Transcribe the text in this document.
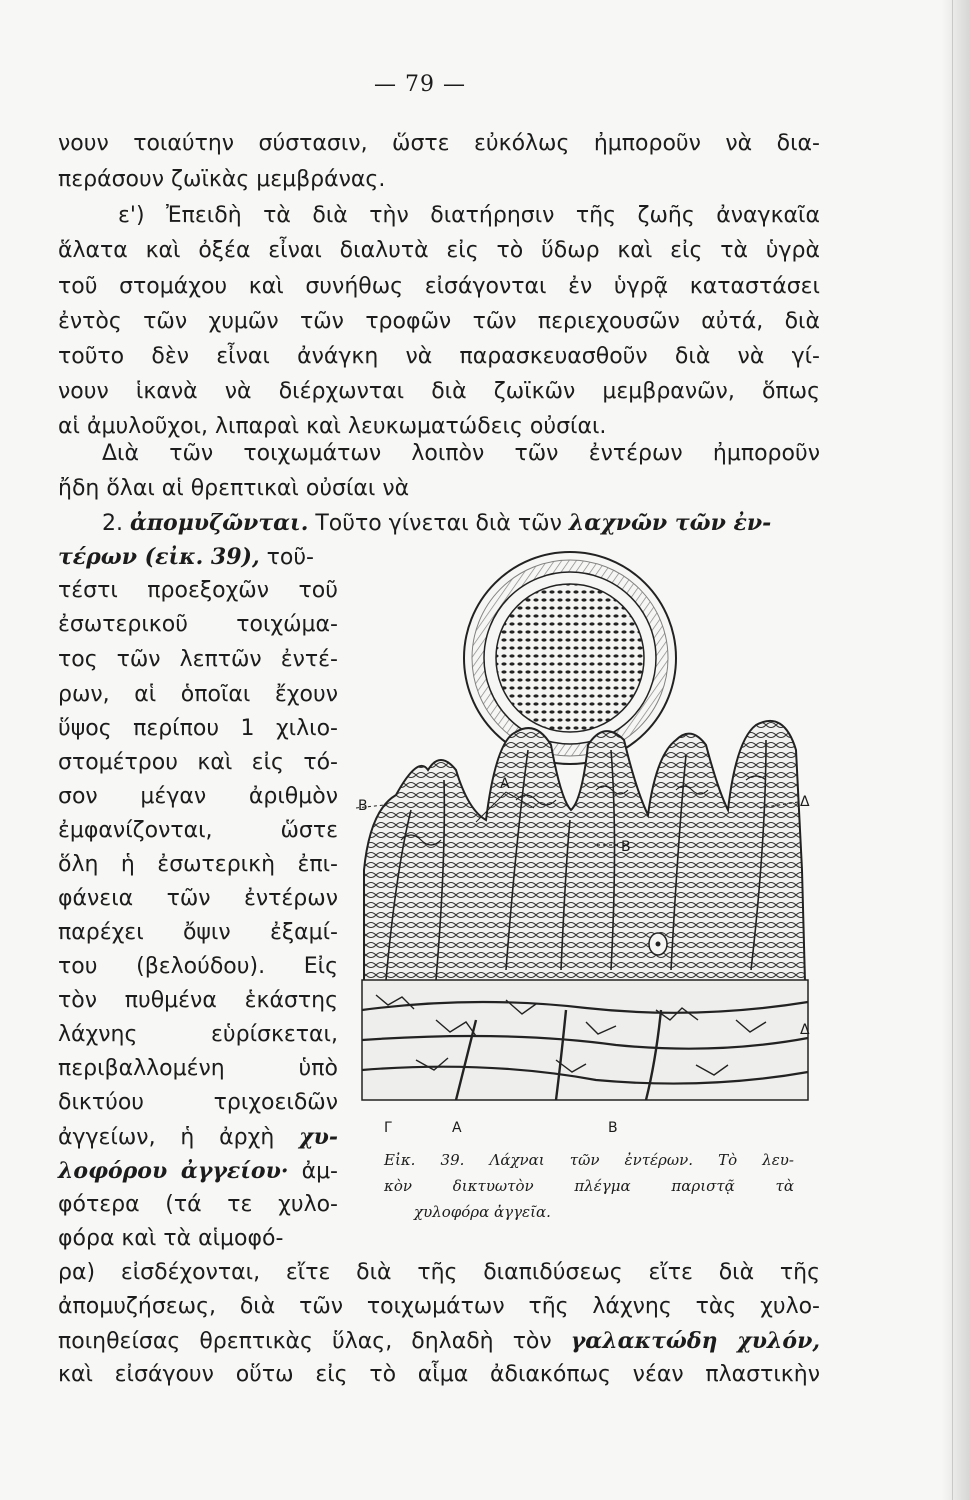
— 79 —
νουν τοιαύτην σύστασιν, ὥστε εὐκόλως ἠμποροῦν νὰ δια-
περάσουν ζωϊκὰς μεμβράνας.
ε') Ἐπειδὴ τὰ διὰ τὴν διατήρησιν τῆς ζωῆς ἀναγκαῖα
ἅλατα καὶ ὀξέα εἶναι διαλυτὰ εἰς τὸ ὕδωρ καὶ εἰς τὰ ὑγρὰ
τοῦ στομάχου καὶ συνήθως εἰσάγονται ἐν ὑγρᾷ καταστάσει
ἐντὸς τῶν χυμῶν τῶν τροφῶν τῶν περιεχουσῶν αὐτά, διὰ
τοῦτο δὲν εἶναι ἀνάγκη νὰ παρασκευασθοῦν διὰ νὰ γί-
νουν ἱκανὰ νὰ διέρχωνται διὰ ζωϊκῶν μεμβρανῶν, ὅπως
αἱ ἀμυλοῦχοι, λιπαραὶ καὶ λευκωματώδεις οὐσίαι.
Διὰ τῶν τοιχωμάτων λοιπὸν τῶν ἐντέρων ἠμποροῦν
ἤδη ὅλαι αἱ θρεπτικαὶ οὐσίαι νὰ
2. ἀπομυζῶνται. Τοῦτο γίνεται διὰ τῶν λαχνῶν τῶν ἐν-
τέρων (εἰκ. 39), τοῦ-
τέστι προεξοχῶν τοῦ
ἐσωτερικοῦ τοιχώμα-
τος τῶν λεπτῶν ἐντέ-
ρων, αἱ ὁποῖαι ἔχουν
ὕψος περίπου 1 χιλιο-
στομέτρου καὶ εἰς τό-
σον μέγαν ἀριθμὸν
ἐμφανίζονται, ὥστε
ὅλη ἡ ἐσωτερικὴ ἐπι-
φάνεια τῶν ἐντέρων
παρέχει ὄψιν ἐξαμί-
του (βελούδου). Εἰς
τὸν πυθμένα ἑκάστης
λάχνης εὑρίσκεται,
περιβαλλομένη ὑπὸ
δικτύου τριχοειδῶν
ἀγγείων, ἡ ἀρχὴ χυ-
λοφόρου ἀγγείου· ἀμ-
φότερα (τά τε χυλο-
φόρα καὶ τὰ αἱμοφό-
ρα) εἰσδέχονται, εἴτε διὰ τῆς διαπιδύσεως εἴτε διὰ τῆς
ἀπομυζήσεως, διὰ τῶν τοιχωμάτων τῆς λάχνης τὰς χυλο-
ποιηθείσας θρεπτικὰς ὕλας, δηλαδὴ τὸν γαλακτώδη χυλόν,
καὶ εἰσάγουν οὕτω εἰς τὸ αἷμα ἀδιακόπως νέαν πλαστικὴν
B
A
B
Δ
Δ
Γ	A	B
Εἰκ. 39. Λάχναι τῶν ἐντέρων. Τὸ λευ-
κὸν δικτυωτὸν πλέγμα παριστᾷ τὰ
χυλοφόρα ἀγγεῖα.
